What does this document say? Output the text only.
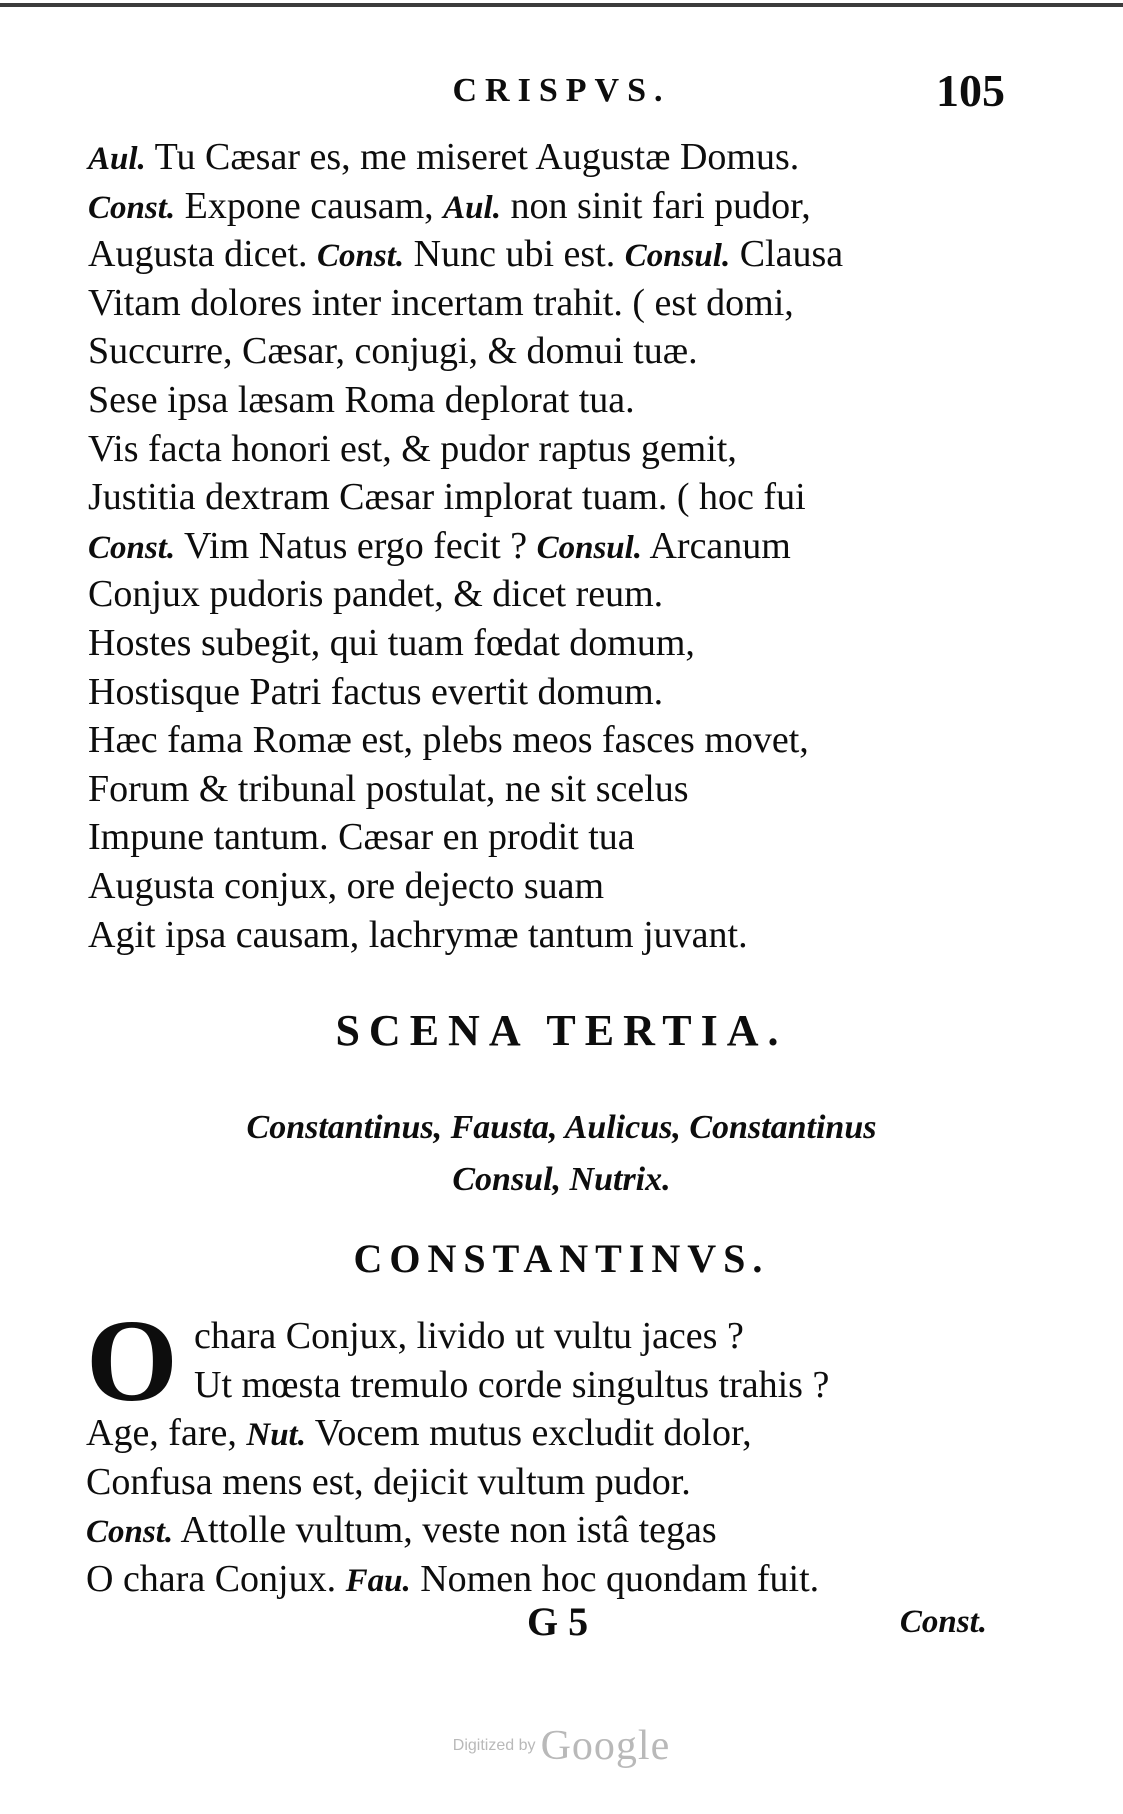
CRISPVS.	105
Aul. Tu Cæsar es, me miseret Augustæ Domus.
Const. Expone causam, Aul. non sinit fari pudor,
Augusta dicet. Const. Nunc ubi est. Consul. Clausa
Vitam dolores inter incertam trahit. ( est domi,
Succurre, Cæsar, conjugi, & domui tuæ.
Sese ipsa læsam Roma deplorat tua.
Vis facta honori est, & pudor raptus gemit,
Justitia dextram Cæsar implorat tuam. ( hoc fui
Const. Vim Natus ergo fecit ? Consul. Arcanum
Conjux pudoris pandet, & dicet reum.
Hostes subegit, qui tuam fœdat domum,
Hostisque Patri factus evertit domum.
Hæc fama Romæ est, plebs meos fasces movet,
Forum & tribunal postulat, ne sit scelus
Impune tantum. Cæsar en prodit tua
Augusta conjux, ore dejecto suam
Agit ipsa causam, lachrymæ tantum juvant.
SCENA TERTIA.
Constantinus, Fausta, Aulicus, Constantinus
Consul, Nutrix.
CONSTANTINVS.
O chara Conjux, livido ut vultu jaces ?
Ut mœsta tremulo corde singultus trahis ?
Age, fare, Nut. Vocem mutus excludit dolor,
Confusa mens est, dejicit vultum pudor.
Const. Attolle vultum, veste non istâ tegas
O chara Conjux. Fau. Nomen hoc quondam fuit.
G 5	Const.
Digitized by Google
